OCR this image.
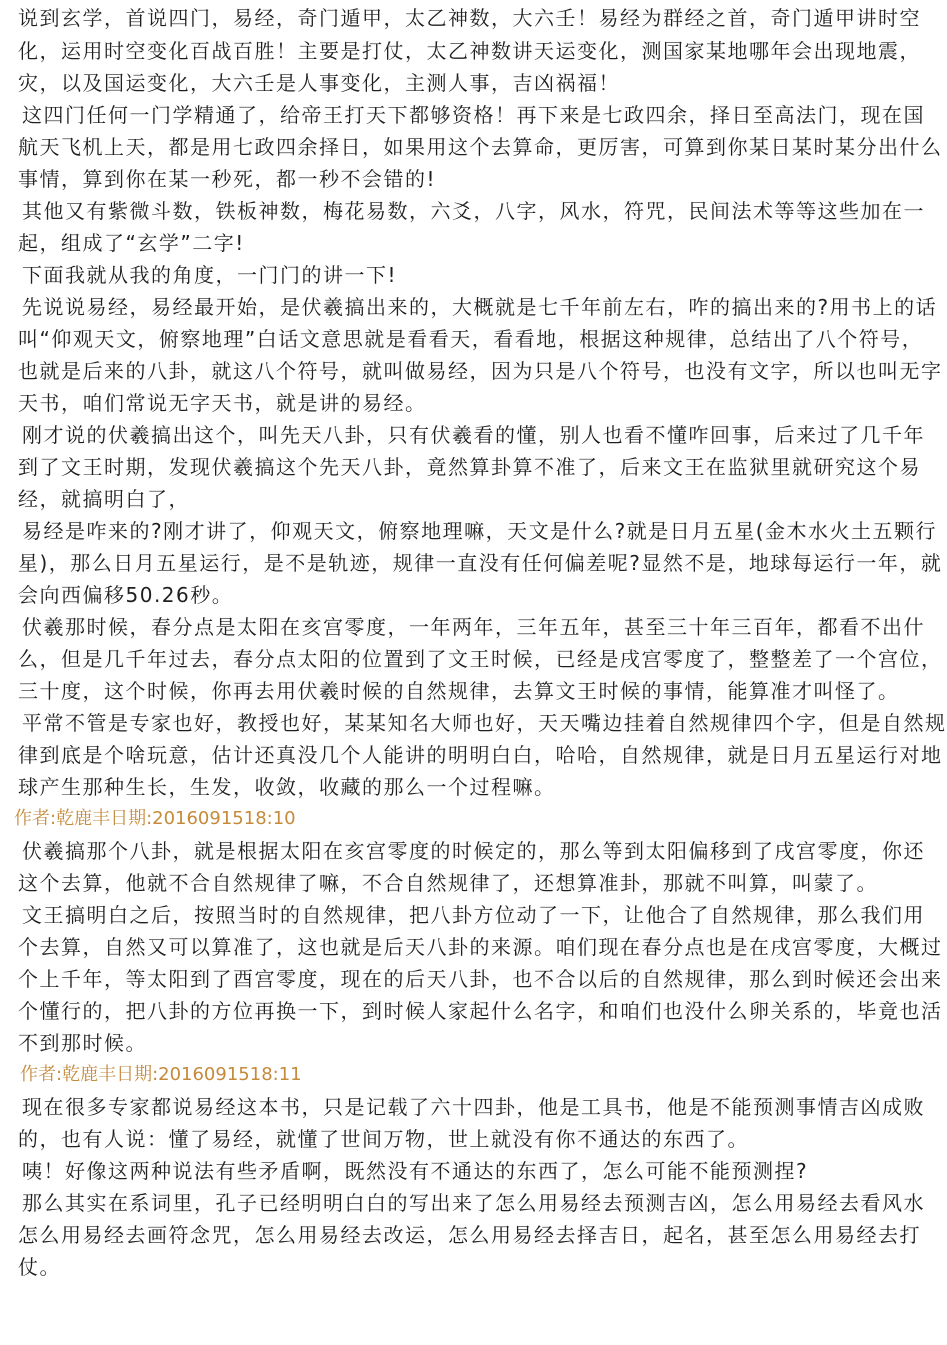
说到玄学，首说四门，易经，奇门遁甲，太乙神数，大六壬！易经为群经之首，奇门遁甲讲时空
化，运用时空变化百战百胜！主要是打仗，太乙神数讲天运变化，测国家某地哪年会出现地震，
灾，以及国运变化，大六壬是人事变化，主测人事，吉凶祸福！
这四门任何一门学精通了，给帝王打天下都够资格！再下来是七政四余，择日至高法门，现在国
航天飞机上天，都是用七政四余择日，如果用这个去算命，更厉害，可算到你某日某时某分出什么
事情，算到你在某一秒死，都一秒不会错的!
其他又有紫微斗数，铁板神数，梅花易数，六爻，八字，风水，符咒，民间法术等等这些加在一
起，组成了“玄学”二字!
下面我就从我的角度，一门门的讲一下!
先说说易经，易经最开始，是伏羲搞出来的，大概就是七千年前左右，咋的搞出来的?用书上的话
叫“仰观天文，俯察地理”白话文意思就是看看天，看看地，根据这种规律，总结出了八个符号，
也就是后来的八卦，就这八个符号，就叫做易经，因为只是八个符号，也没有文字，所以也叫无字
天书，咱们常说无字天书，就是讲的易经。
刚才说的伏羲搞出这个，叫先天八卦，只有伏羲看的懂，别人也看不懂咋回事，后来过了几千年
到了文王时期，发现伏羲搞这个先天八卦，竟然算卦算不准了，后来文王在监狱里就研究这个易
经，就搞明白了，
易经是咋来的?刚才讲了，仰观天文，俯察地理嘛，天文是什么?就是日月五星(金木水火土五颗行
星)，那么日月五星运行，是不是轨迹，规律一直没有任何偏差呢?显然不是，地球每运行一年，就
会向西偏移50.26秒。
伏羲那时候，春分点是太阳在亥宫零度，一年两年，三年五年，甚至三十年三百年，都看不出什
么，但是几千年过去，春分点太阳的位置到了文王时候，已经是戌宫零度了，整整差了一个宫位，
三十度，这个时候，你再去用伏羲时候的自然规律，去算文王时候的事情，能算准才叫怪了。
平常不管是专家也好，教授也好，某某知名大师也好，天天嘴边挂着自然规律四个字，但是自然规
律到底是个啥玩意，估计还真没几个人能讲的明明白白，哈哈，自然规律，就是日月五星运行对地
球产生那种生长，生发，收敛，收藏的那么一个过程嘛。
作者:乾鹿丰日期:2016091518:10
伏羲搞那个八卦，就是根据太阳在亥宫零度的时候定的，那么等到太阳偏移到了戌宫零度，你还
这个去算，他就不合自然规律了嘛，不合自然规律了，还想算准卦，那就不叫算，叫蒙了。
文王搞明白之后，按照当时的自然规律，把八卦方位动了一下，让他合了自然规律，那么我们用
个去算，自然又可以算准了，这也就是后天八卦的来源。咱们现在春分点也是在戌宫零度，大概过
个上千年，等太阳到了酉宫零度，现在的后天八卦，也不合以后的自然规律，那么到时候还会出来
个懂行的，把八卦的方位再换一下，到时候人家起什么名字，和咱们也没什么卵关系的，毕竟也活
不到那时候。
作者:乾鹿丰日期:2016091518:11
现在很多专家都说易经这本书，只是记载了六十四卦，他是工具书，他是不能预测事情吉凶成败
的，也有人说：懂了易经，就懂了世间万物，世上就没有你不通达的东西了。
咦！好像这两种说法有些矛盾啊，既然没有不通达的东西了，怎么可能不能预测捏?
那么其实在系词里，孔子已经明明白白的写出来了怎么用易经去预测吉凶，怎么用易经去看风水
怎么用易经去画符念咒，怎么用易经去改运，怎么用易经去择吉日，起名，甚至怎么用易经去打
仗。
